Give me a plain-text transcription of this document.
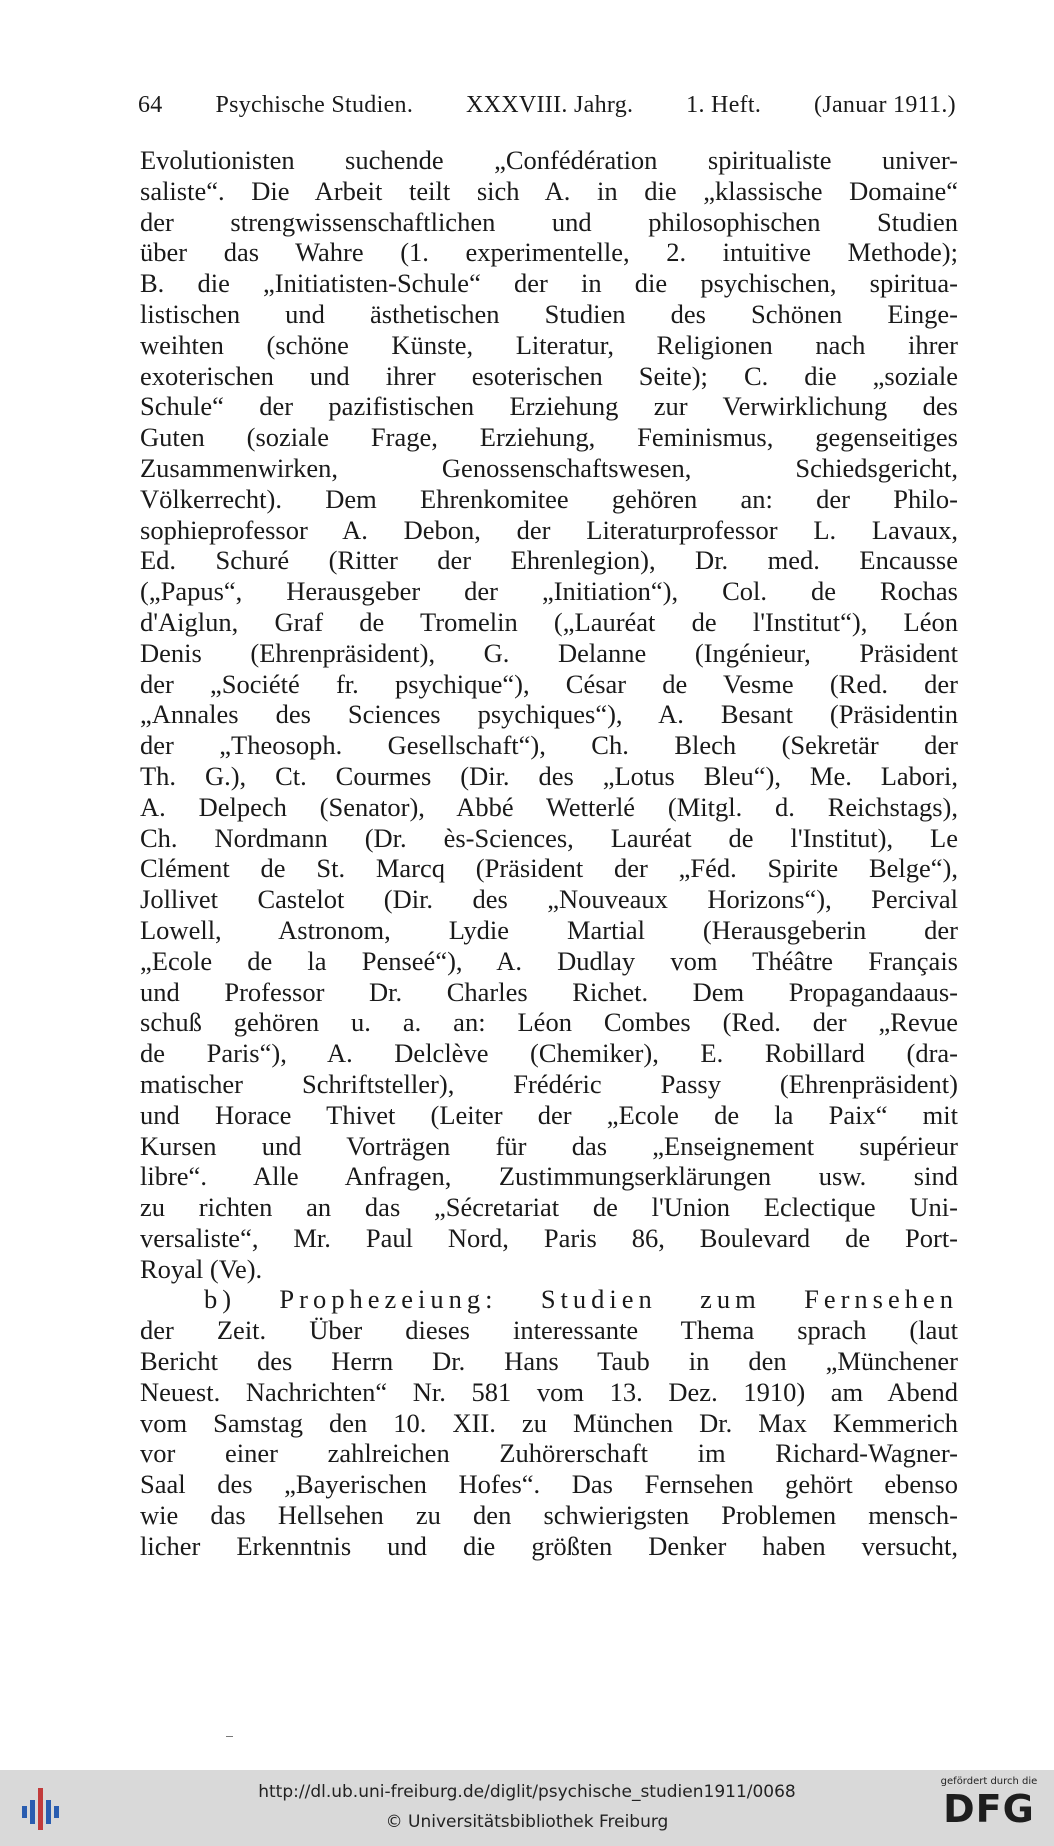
64 Psychische Studien. XXXVIII. Jahrg. 1. Heft. (Januar 1911.)
Evolutionisten suchende „Confédération spiritualiste univer-
saliste“. Die Arbeit teilt sich A. in die „klassische Domaine“
der strengwissenschaftlichen und philosophischen Studien
über das Wahre (1. experimentelle, 2. intuitive Methode);
B. die „Initiatisten-Schule“ der in die psychischen, spiritua-
listischen und ästhetischen Studien des Schönen Einge-
weihten (schöne Künste, Literatur, Religionen nach ihrer
exoterischen und ihrer esoterischen Seite); C. die „soziale
Schule“ der pazifistischen Erziehung zur Verwirklichung des
Guten (soziale Frage, Erziehung, Feminismus, gegenseitiges
Zusammenwirken, Genossenschaftswesen, Schiedsgericht,
Völkerrecht). Dem Ehrenkomitee gehören an: der Philo-
sophieprofessor A. Debon, der Literaturprofessor L. Lavaux,
Ed. Schuré (Ritter der Ehrenlegion), Dr. med. Encausse
(„Papus“, Herausgeber der „Initiation“), Col. de Rochas
d'Aiglun, Graf de Tromelin („Lauréat de l'Institut“), Léon
Denis (Ehrenpräsident), G. Delanne (Ingénieur, Präsident
der „Société fr. psychique“), César de Vesme (Red. der
„Annales des Sciences psychiques“), A. Besant (Präsidentin
der „Theosoph. Gesellschaft“), Ch. Blech (Sekretär der
Th. G.), Ct. Courmes (Dir. des „Lotus Bleu“), Me. Labori,
A. Delpech (Senator), Abbé Wetterlé (Mitgl. d. Reichstags),
Ch. Nordmann (Dr. ès-Sciences, Lauréat de l'Institut), Le
Clément de St. Marcq (Präsident der „Féd. Spirite Belge“),
Jollivet Castelot (Dir. des „Nouveaux Horizons“), Percival
Lowell, Astronom, Lydie Martial (Herausgeberin der
„Ecole de la Penseé“), A. Dudlay vom Théâtre Français
und Professor Dr. Charles Richet. Dem Propagandaaus-
schuß gehören u. a. an: Léon Combes (Red. der „Revue
de Paris“), A. Delclève (Chemiker), E. Robillard (dra-
matischer Schriftsteller), Frédéric Passy (Ehrenpräsident)
und Horace Thivet (Leiter der „Ecole de la Paix“ mit
Kursen und Vorträgen für das „Enseignement supérieur
libre“. Alle Anfragen, Zustimmungserklärungen usw. sind
zu richten an das „Sécretariat de l'Union Eclectique Uni-
versaliste“, Mr. Paul Nord, Paris 86, Boulevard de Port-
Royal (Ve).
b) Prophezeiung: Studien zum Fernsehen
der Zeit. Über dieses interessante Thema sprach (laut
Bericht des Herrn Dr. Hans Taub in den „Münchener
Neuest. Nachrichten“ Nr. 581 vom 13. Dez. 1910) am Abend
vom Samstag den 10. XII. zu München Dr. Max Kemmerich
vor einer zahlreichen Zuhörerschaft im Richard-Wagner-
Saal des „Bayerischen Hofes“. Das Fernsehen gehört ebenso
wie das Hellsehen zu den schwierigsten Problemen mensch-
licher Erkenntnis und die größten Denker haben versucht,
http://dl.ub.uni-freiburg.de/diglit/psychische_studien1911/0068
© Universitätsbibliothek Freiburg
gefördert durch die
DFG
